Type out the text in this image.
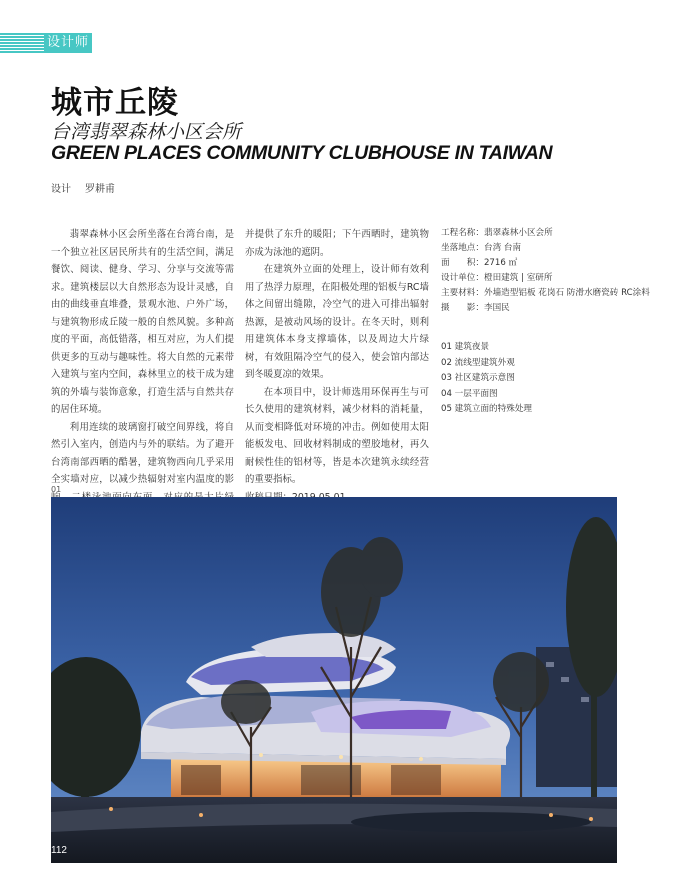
设计师
城市丘陵
台湾翡翠森林小区会所
GREEN PLACES COMMUNITY CLUBHOUSE IN TAIWAN
设计 罗耕甫

翡翠森林小区会所坐落在台湾台南，是一个独立社区居民所共有的生活空间，满足餐饮、阅读、健身、学习、分享与交流等需求。建筑楼层以大自然形态为设计灵感，自由的曲线垂直堆叠，景观水池、户外广场，与建筑物形成丘陵一般的自然风貌。多种高度的平面，高低错落，相互对应，为人们提供更多的互动与趣味性。将大自然的元素带入建筑与室内空间，森林里立的枝干成为建筑的外墙与装饰意象，打造生活与自然共存的居住环境。

利用连续的玻璃窗打破空间界线，将自然引入室内，创造内与外的联结。为了避开台湾南部西晒的酷暑，建筑物西向几乎采用全实墙对应，以减少热辐射对室内温度的影

并提供了东升的暖阳；下午西晒时，建筑物亦成为泳池的遮阴。

在建筑外立面的处理上，设计师有效利用了热浮力原理，在阳极处理的铝板与RC墙体之间留出缝隙，冷空气的进入可排出辐射热源，是被动风场的设计。在冬天时，则利用建筑体本身支撑墙体，以及周边大片绿树，有效阻隔冷空气的侵入，使会馆内部达到冬暖夏凉的效果。

在本项目中，设计师选用环保再生与可长久使用的建筑材料，减少材料的消耗量，从而变相降低对环境的冲击。例如使用太阳能板发电、回收材料制成的塑胶地材，再久耐候性佳的铝材等，皆是本次建筑永续经营的重要指标。

工程名称：翡翠森林小区会所
坐落地点：台湾 台南
面　　积：2716 ㎡
设计单位：橙田建筑 | 室研所
主要材料：外墙造型铝板 花岗石 防滑水磨瓷砖 RC涂料
摄　　影：李国民
01 建筑夜景
02 流线型建筑外观
03 社区建筑示意图
04 一层平面图
05 建筑立面的特殊处理
01
112
